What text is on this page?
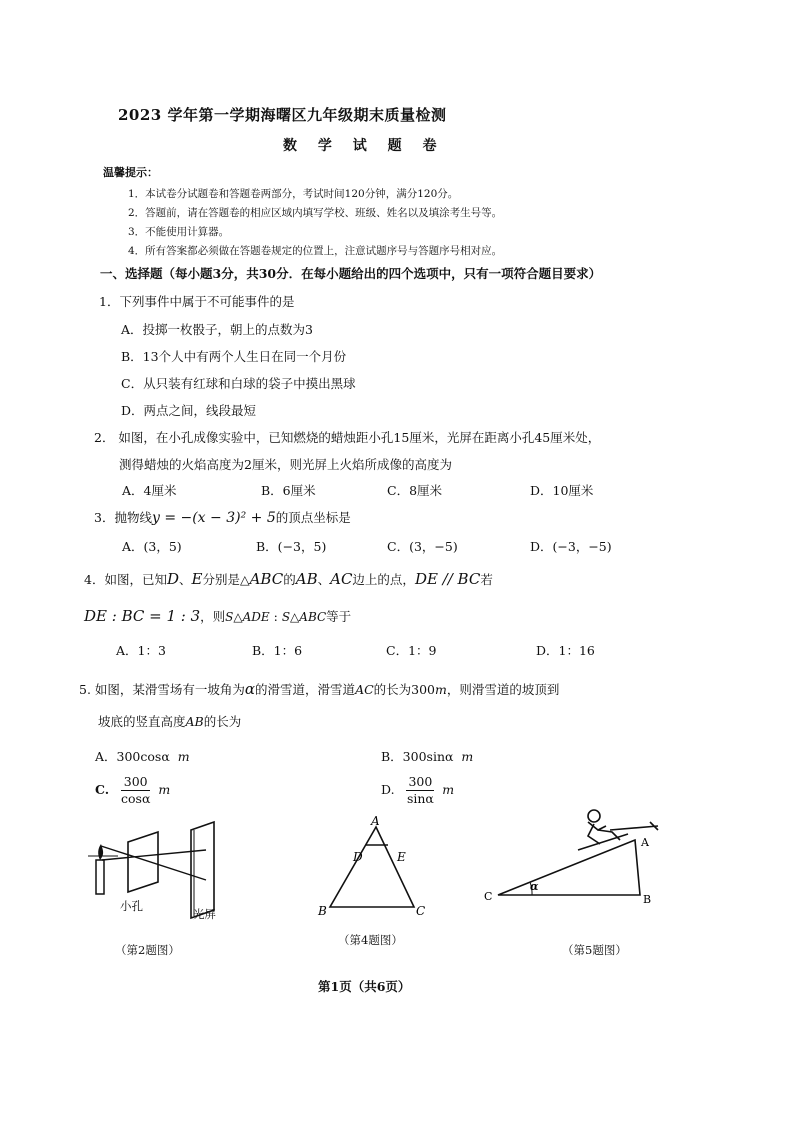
2023 学年第一学期海曙区九年级期末质量检测
数 学 试 题 卷
温馨提示：
1．本试卷分试题卷和答题卷两部分，考试时间120分钟，满分120分。
2．答题前，请在答题卷的相应区域内填写学校、班级、姓名以及填涂考生号等。
3．不能使用计算器。
4．所有答案都必须做在答题卷规定的位置上，注意试题序号与答题序号相对应。
一、选择题（每小题3分，共30分．在每小题给出的四个选项中，只有一项符合题目要求）
1．下列事件中属于不可能事件的是
A．投掷一枚骰子，朝上的点数为3
B．13个人中有两个人生日在同一个月份
C．从只装有红球和白球的袋子中摸出黑球
D．两点之间，线段最短
2． 如图，在小孔成像实验中，已知燃烧的蜡烛距小孔15厘米，光屏在距离小孔45厘米处，
测得蜡烛的火焰高度为2厘米，则光屏上火焰所成像的高度为
A．4厘米	B．6厘米	C．8厘米	D．10厘米
3．抛物线y = −(x − 3)² + 5的顶点坐标是
A．(3，5)	B．(−3，5)	C．(3，−5)	D．(−3，−5)
4．如图，已知D、E分别是△ABC的AB、AC边上的点，DE // BC若
DE : BC = 1 : 3，则S△ADE : S△ABC等于
A．1：3	B．1：6	C．1：9	D．1：16
5. 如图，某滑雪场有一坡角为α的滑雪道，滑雪道AC的长为300m，则滑雪道的坡顶到
坡底的竖直高度AB的长为
A．300cosα m	B．300sinα m
C. $\frac{300}{\cos\alpha}$ m	D. $\frac{300}{\sin\alpha}$ m
小孔
光屏
（第2题图）
A
D	E
B	C
（第4题图）
α
A
C	B
（第5题图）
第1页（共6页）
